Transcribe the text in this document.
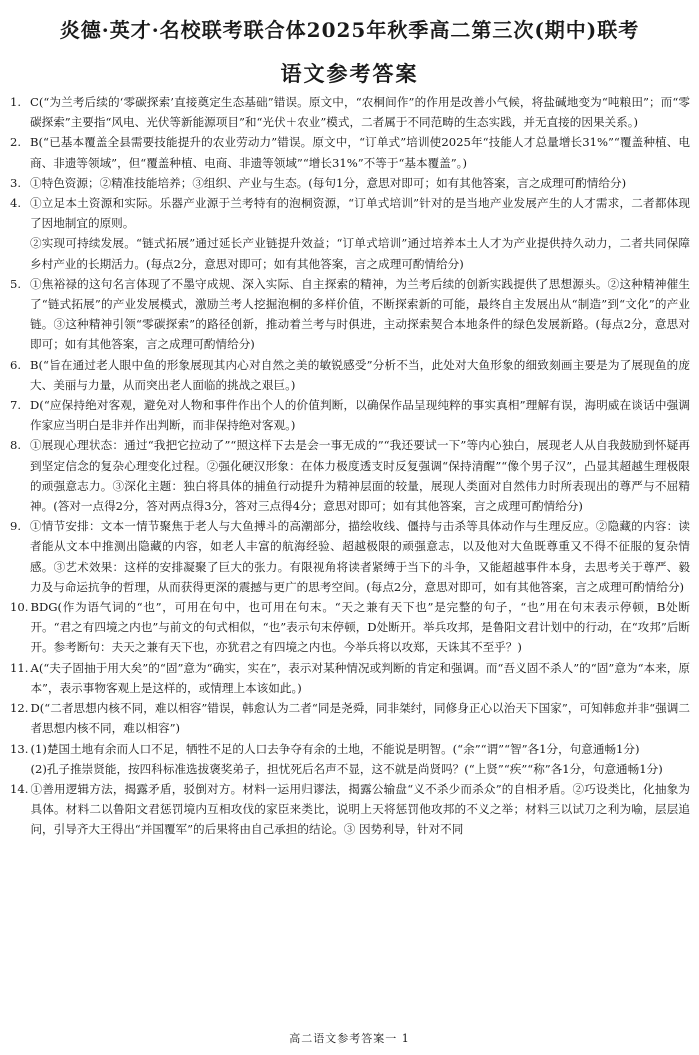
炎德·英才·名校联考联合体2025年秋季高二第三次(期中)联考
语文参考答案
1. C(“为兰考后续的‘零碳探索’直接奠定生态基础”错误。原文中，“农桐间作”的作用是改善小气候，将盐碱地变为“吨粮田”；而“零碳探索”主要指“风电、光伏等新能源项目”和“光伏＋农业”模式，二者属于不同范畴的生态实践，并无直接的因果关系。)

2. B(“已基本覆盖全县需要技能提升的农业劳动力”错误。原文中，“订单式”培训使2025年“技能人才总量增长31%”“覆盖种植、电商、非遗等领域”，但“覆盖种植、电商、非遗等领域”“增长31%”不等于“基本覆盖”。)

3. ①特色资源；②精准技能培养；③组织、产业与生态。(每句1分，意思对即可；如有其他答案，言之成理可酌情给分)

4. ①立足本土资源和实际。乐器产业源于兰考特有的泡桐资源，“订单式培训”针对的是当地产业发展产生的人才需求，二者都体现了因地制宜的原则。

②实现可持续发展。“链式拓展”通过延长产业链提升效益；“订单式培训”通过培养本土人才为产业提供持久动力，二者共同保障乡村产业的长期活力。(每点2分，意思对即可；如有其他答案，言之成理可酌情给分)

5. ①焦裕禄的这句名言体现了不墨守成规、深入实际、自主探索的精神，为兰考后续的创新实践提供了思想源头。②这种精神催生了“链式拓展”的产业发展模式，激励兰考人挖掘泡桐的多样价值，不断探索新的可能，最终自主发展出从“制造”到“文化”的产业链。③这种精神引领“零碳探索”的路径创新，推动着兰考与时俱进，主动探索契合本地条件的绿色发展新路。(每点2分，意思对即可；如有其他答案，言之成理可酌情给分)

6. B(“旨在通过老人眼中鱼的形象展现其内心对自然之美的敏锐感受”分析不当，此处对大鱼形象的细致刻画主要是为了展现鱼的庞大、美丽与力量，从而突出老人面临的挑战之艰巨。)

7. D(“应保持绝对客观，避免对人物和事件作出个人的价值判断，以确保作品呈现纯粹的事实真相”理解有误，海明威在谈话中强调作家应当明白是非并作出判断，而非保持绝对客观。)

8. ①展现心理状态：通过“我把它拉动了”“照这样下去是会一事无成的”“我还要试一下”等内心独白，展现老人从自我鼓励到怀疑再到坚定信念的复杂心理变化过程。②强化硬汉形象：在体力极度透支时反复强调“保持清醒”“像个男子汉”，凸显其超越生理极限的顽强意志力。③深化主题：独白将具体的捕鱼行动提升为精神层面的较量，展现人类面对自然伟力时所表现出的尊严与不屈精神。(答对一点得2分，答对两点得3分，答对三点得4分；意思对即可；如有其他答案，言之成理可酌情给分)

9. ①情节安排：文本一情节聚焦于老人与大鱼搏斗的高潮部分，描绘收线、僵持与击杀等具体动作与生理反应。②隐藏的内容：读者能从文本中推测出隐藏的内容，如老人丰富的航海经验、超越极限的顽强意志，以及他对大鱼既尊重又不得不征服的复杂情感。③艺术效果：这样的安排凝聚了巨大的张力。有限视角将读者紧缚于当下的斗争，又能超越事件本身，去思考关于尊严、毅力及与命运抗争的哲理，从而获得更深的震撼与更广的思考空间。(每点2分，意思对即可，如有其他答案，言之成理可酌情给分)

10. BDG(作为语气词的“也”，可用在句中，也可用在句末。“天之兼有天下也”是完整的句子，“也”用在句末表示停顿，B处断开。“君之有四境之内也”与前文的句式相似，“也”表示句末停顿，D处断开。举兵攻邦，是鲁阳文君计划中的行动，在“攻邦”后断开。参考断句：夫天之兼有天下也，亦犹君之有四境之内也。今举兵将以攻郑，天诛其不至乎？)

11. A(“夫子固抽于用大矣”的“固”意为“确实，实在”，表示对某种情况或判断的肯定和强调。而“吾义固不杀人”的“固”意为“本来，原本”，表示事物客观上是这样的，或情理上本该如此。)

12. D(“二者思想内核不同，难以相容”错误，韩愈认为二者“同是尧舜，同非桀纣，同修身正心以治天下国家”，可知韩愈并非“强调二者思想内核不同，难以相容”)

13. (1)楚国土地有余而人口不足，牺牲不足的人口去争夺有余的土地，不能说是明智。(“余”“谓”“智”各1分，句意通畅1分)

(2)孔子推崇贤能，按四科标准选拔褒奖弟子，担忧死后名声不显，这不就是尚贤吗？(“上贤”“疾”“称”各1分，句意通畅1分)

14. ①善用逻辑方法，揭露矛盾，驳倒对方。材料一运用归谬法，揭露公输盘“义不杀少而杀众”的自相矛盾。②巧设类比，化抽象为具体。材料二以鲁阳文君惩罚境内互相攻伐的家臣来类比，说明上天将惩罚他攻邦的不义之举；材料三以试刀之利为喻，层层追问，引导齐大王得出“并国覆军”的后果将由自己承担的结论。③ 因势利导，针对不同

高二语文参考答案一 1
